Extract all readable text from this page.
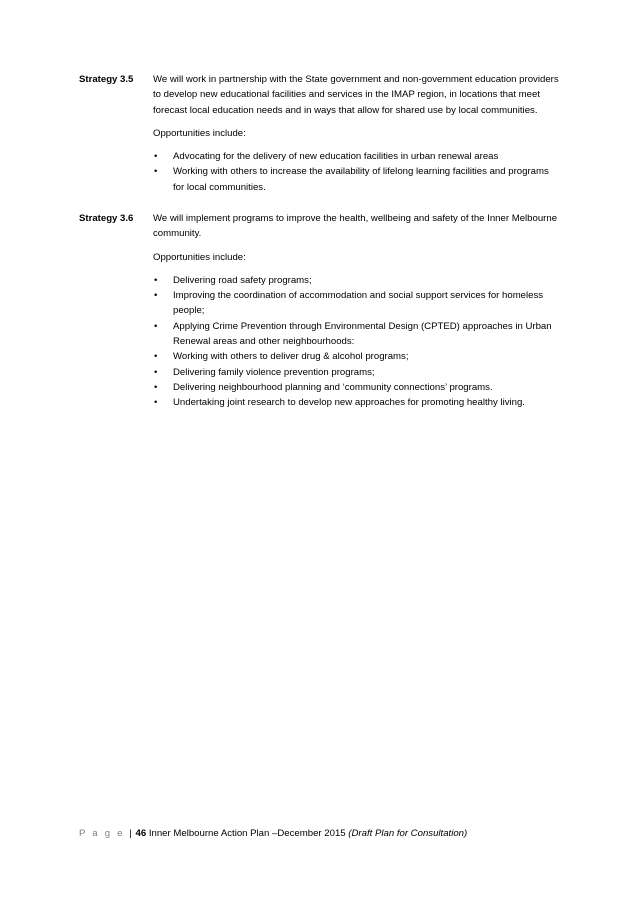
Strategy 3.5 We will work in partnership with the State government and non-government education providers to develop new educational facilities and services in the IMAP region, in locations that meet forecast local education needs and in ways that allow for shared use by local communities.

Opportunities include:

• Advocating for the delivery of new education facilities in urban renewal areas
• Working with others to increase the availability of lifelong learning facilities and programs for local communities.
Strategy 3.6 We will implement programs to improve the health, wellbeing and safety of the Inner Melbourne community.

Opportunities include:

• Delivering road safety programs;
• Improving the coordination of accommodation and social support services for homeless people;
• Applying Crime Prevention through Environmental Design (CPTED) approaches in Urban Renewal areas and other neighbourhoods:
• Working with others to deliver drug & alcohol programs;
• Delivering family violence prevention programs;
• Delivering neighbourhood planning and ‘community connections’ programs.
• Undertaking joint research to develop new approaches for promoting healthy living.
P a g e | 46 Inner Melbourne Action Plan –December 2015 (Draft Plan for Consultation)
